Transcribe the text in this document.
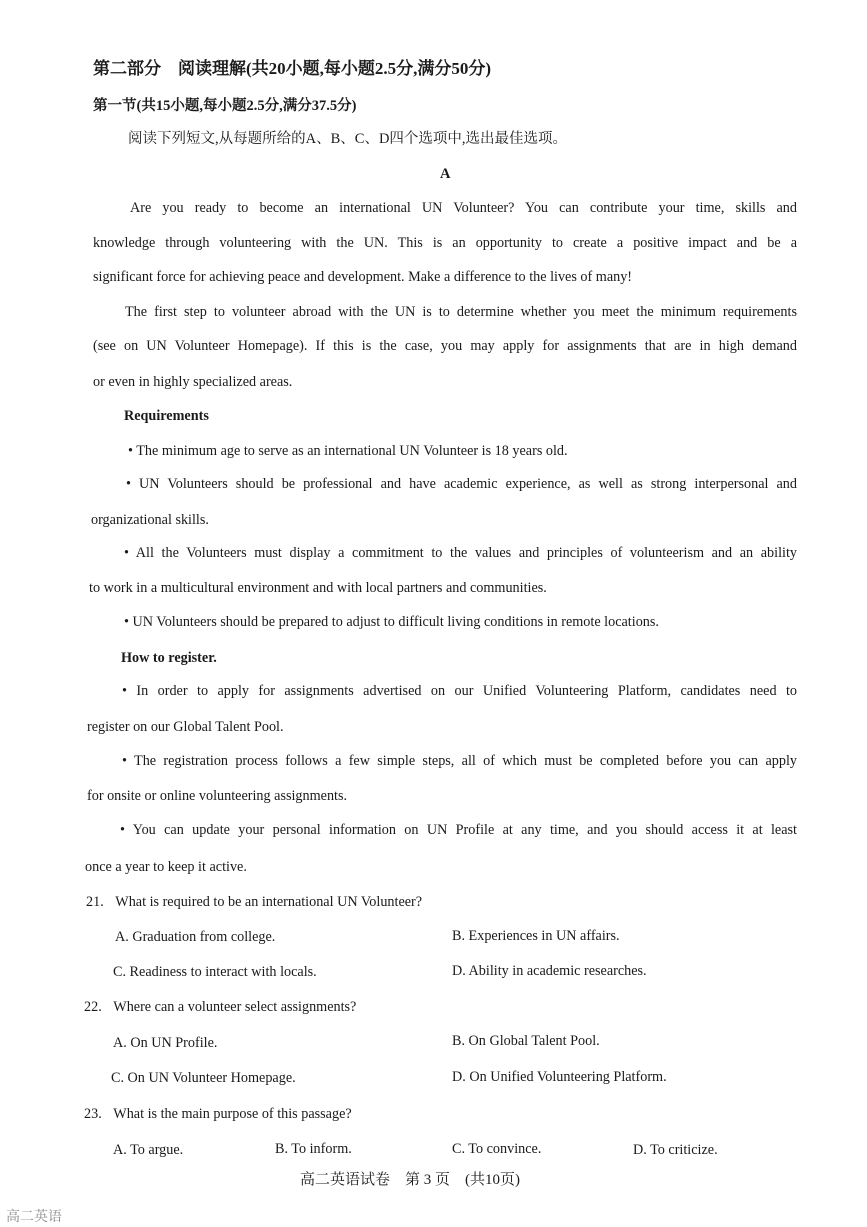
第二部分　阅读理解(共20小题,每小题2.5分,满分50分)
第一节(共15小题,每小题2.5分,满分37.5分)
阅读下列短文,从每题所给的A、B、C、D四个选项中,选出最佳选项。
A
Are you ready to become an international UN Volunteer? You can contribute your time, skills and
knowledge through volunteering with the UN. This is an opportunity to create a positive impact and be a
significant force for achieving peace and development. Make a difference to the lives of many!
The first step to volunteer abroad with the UN is to determine whether you meet the minimum requirements
(see on UN Volunteer Homepage). If this is the case, you may apply for assignments that are in high demand
or even in highly specialized areas.
Requirements
• The minimum age to serve as an international UN Volunteer is 18 years old.
• UN Volunteers should be professional and have academic experience, as well as strong interpersonal and
organizational skills.
• All the Volunteers must display a commitment to the values and principles of volunteerism and an ability
to work in a multicultural environment and with local partners and communities.
• UN Volunteers should be prepared to adjust to difficult living conditions in remote locations.
How to register.
• In order to apply for assignments advertised on our Unified Volunteering Platform, candidates need to
register on our Global Talent Pool.
• The registration process follows a few simple steps, all of which must be completed before you can apply
for onsite or online volunteering assignments.
• You can update your personal information on UN Profile at any time, and you should access it at least
once a year to keep it active.
21. What is required to be an international UN Volunteer?
A. Graduation from college.	B. Experiences in UN affairs.
C. Readiness to interact with locals.	D. Ability in academic researches.
22. Where can a volunteer select assignments?
A. On UN Profile.	B. On Global Talent Pool.
C. On UN Volunteer Homepage.	D. On Unified Volunteering Platform.
23. What is the main purpose of this passage?
A. To argue.	B. To inform.	C. To convince.	D. To criticize.
高二英语试卷　第 3 页　(共10页)
高二英语
